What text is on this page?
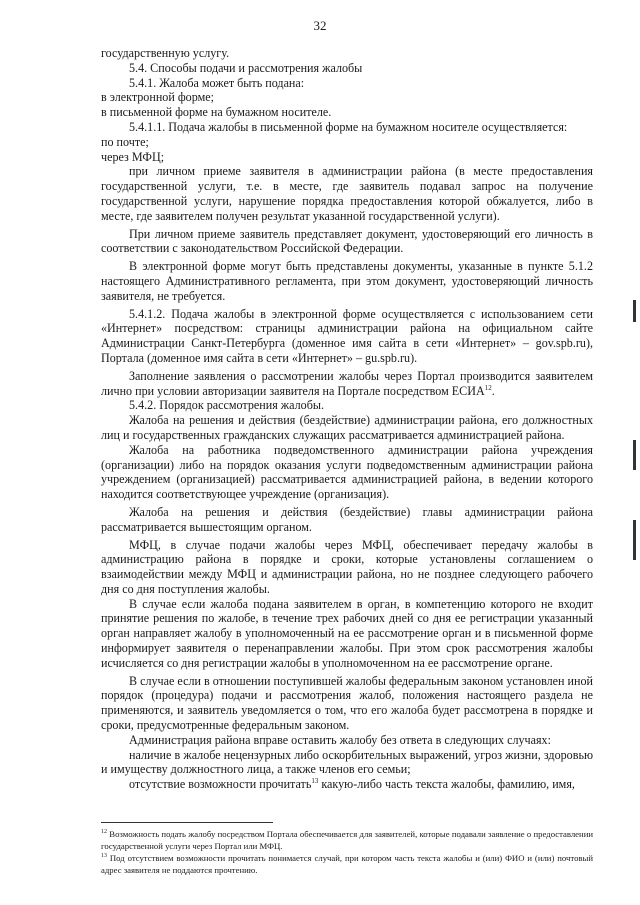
32

государственную услугу.

5.4. Способы подачи и рассмотрения жалобы

5.4.1. Жалоба может быть подана:

в электронной форме;

в письменной форме на бумажном носителе.

5.4.1.1. Подача жалобы в письменной форме на бумажном носителе осуществляется:

по почте;

через МФЦ;

при личном приеме заявителя в администрации района (в месте предоставления государственной услуги, т.е. в месте, где заявитель подавал запрос на получение государственной услуги, нарушение порядка предоставления которой обжалуется, либо в месте, где заявителем получен результат указанной государственной услуги).

При личном приеме заявитель представляет документ, удостоверяющий его личность в соответствии с законодательством Российской Федерации.

В электронной форме могут быть представлены документы, указанные в пункте 5.1.2 настоящего Административного регламента, при этом документ, удостоверяющий личность заявителя, не требуется.

5.4.1.2. Подача жалобы в электронной форме осуществляется с использованием сети «Интернет» посредством: страницы администрации района на официальном сайте Администрации Санкт-Петербурга (доменное имя сайта в сети «Интернет» – gov.spb.ru), Портала (доменное имя сайта в сети «Интернет» – gu.spb.ru).

Заполнение заявления о рассмотрении жалобы через Портал производится заявителем лично при условии авторизации заявителя на Портале посредством ЕСИА$^{12}$.

5.4.2. Порядок рассмотрения жалобы.

Жалоба на решения и действия (бездействие) администрации района, его должностных лиц и государственных гражданских служащих рассматривается администрацией района.

Жалоба на работника подведомственного администрации района учреждения (организации) либо на порядок оказания услуги подведомственным администрации района учреждением (организацией) рассматривается администрацией района, в ведении которого находится соответствующее учреждение (организация).

Жалоба на решения и действия (бездействие) главы администрации района рассматривается вышестоящим органом.

МФЦ, в случае подачи жалобы через МФЦ, обеспечивает передачу жалобы в администрацию района в порядке и сроки, которые установлены соглашением о взаимодействии между МФЦ и администрации района, но не позднее следующего рабочего дня со дня поступления жалобы.

В случае если жалоба подана заявителем в орган, в компетенцию которого не входит принятие решения по жалобе, в течение трех рабочих дней со дня ее регистрации указанный орган направляет жалобу в уполномоченный на ее рассмотрение орган и в письменной форме информирует заявителя о перенаправлении жалобы. При этом срок рассмотрения жалобы исчисляется со дня регистрации жалобы в уполномоченном на ее рассмотрение органе.

В случае если в отношении поступившей жалобы федеральным законом установлен иной порядок (процедура) подачи и рассмотрения жалоб, положения настоящего раздела не применяются, и заявитель уведомляется о том, что его жалоба будет рассмотрена в порядке и сроки, предусмотренные федеральным законом.

Администрация района вправе оставить жалобу без ответа в следующих случаях:

наличие в жалобе нецензурных либо оскорбительных выражений, угроз жизни, здоровью и имуществу должностного лица, а также членов его семьи;

отсутствие возможности прочитать$^{13}$ какую-либо часть текста жалобы, фамилию, имя,

$^{12}$ Возможность подать жалобу посредством Портала обеспечивается для заявителей, которые подавали заявление о предоставлении государственной услуги через Портал или МФЦ.

$^{13}$ Под отсутствием возможности прочитать понимается случай, при котором часть текста жалобы и (или) ФИО и (или) почтовый адрес заявителя не поддаются прочтению.
